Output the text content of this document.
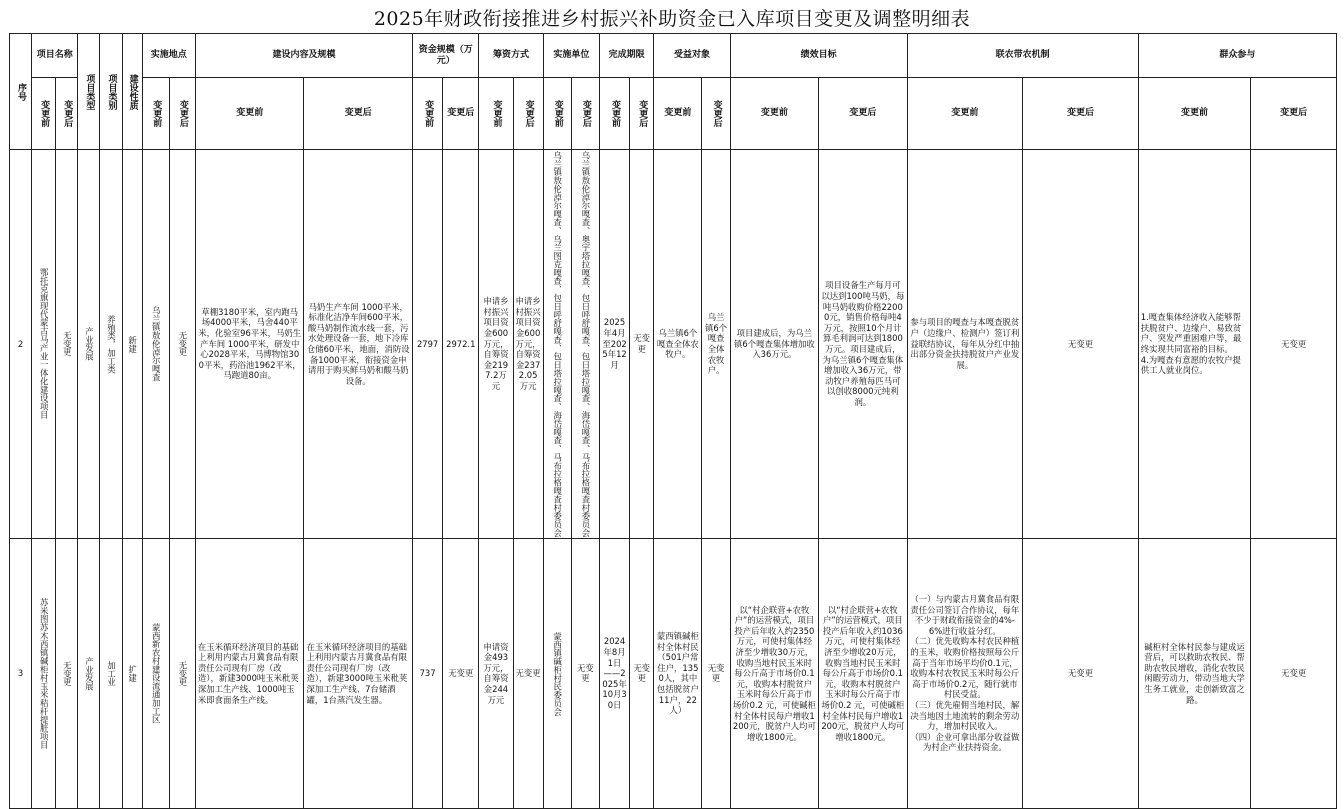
2025年财政衔接推进乡村振兴补助资金已入库项目变更及调整明细表
序号	项目名称		项目类型	项目类别	建设性质	实施地点		建设内容及规模		资金规模（万元）		筹资方式		实施单位		完成期限		受益对象		绩效目标		联农带农机制		群众参与	

	变更前	变更后				变更前	变更后	变更前	变更后	变更前	变更后	变更前	变更后	变更前	变更后	变更前	变更后	变更前	变更后	变更前	变更后	变更前	变更后	变更前	变更后
2	鄂托克旗现代蒙古马产业一体化建设项目	无变更	产业发展	养殖类，加工类	新建	乌兰镇敖伦淖尔嘎查	无变更	草棚3180平米，室内跑马场4000平米，马舍440平米，化验室96平米，马奶生产车间 1000平米，研发中心2028平米，马博物馆300平米，药浴池1962平米，马跑道80亩。	马奶生产车间 1000平米，标准化洁净车间600平米，酸马奶制作流水线一套，污水处理设备一套，地下冷库仓储60平米，地面，消防设备1000平米，衔接资金申请用于购买鲜马奶和酸马奶设备。	2797	2972.1	申请乡村振兴项目资金600万元，自筹资金2197.2万元	申请乡村振兴项目资金600万元，自筹资金2372.05万元	乌兰镇敖伦淖尔嘎查、乌兰图克嘎查、包日呼舒嘎查、包日塔拉嘎查、海岱嘎查、马布拉格嘎查村委员会	乌兰镇敖伦淖尔嘎查、奥宇塔拉嘎查、包日呼舒嘎查、包日塔拉嘎查、海岱嘎查、马布拉格嘎查村委员会	2025年4月至2025年12月	无变更	乌兰镇6个嘎查全体农牧户。	乌兰镇6个嘎查全体农牧户。	项目建成后，为乌兰镇6个嘎查集体增加收入36万元。	项目设备生产每月可以达到100吨马奶，每吨马奶收购价格22000元，销售价格每吨4万元，按照10个月计算毛利润可达到1800万元。项目建成后，为乌兰镇6个嘎查集体增加收入36万元，带动牧户养殖每匹马可以创收8000元纯利润。	参与项目的嘎查与本嘎查脱贫户（边缘户、检测户）签订利益联结协议，每年从分红中抽出部分资金扶持脱贫户产业发展。	无变更	1.嘎查集体经济收入能够帮扶脱贫户、边缘户、易致贫户、突发严重困难户等，最终实现共同富裕的目标。
4.为嘎查有意愿的农牧户提供工人就业岗位。	无变更
3	苏米图苏木西镇碱柜村玉米秸秆提脏项目	无变更	产业发展	加工业	扩建	蒙西新农村建设流通加工区	无变更	在玉米循环经济项目的基础上利用内蒙古月冀食品有限责任公司现有厂房（改造），新建3000吨玉米秕荚深加工生产线、1000吨玉米即食面条生产线。	在玉米循环经济项目的基础上利用内蒙古月冀食品有限责任公司现有厂房（改造），新建3000吨玉米秕荚深加工生产线、7台储酒罐，1台蒸汽发生器。	737	无变更	申请资金493万元，自筹资金244万元	无变更	蒙西镇碱柜村民委员会	无变更	2024年8月1日——2025年10月30日	无变更	蒙西镇碱柜村全体村民（501户常住户，1350人，其中包括脱贫户11户，22人）	无变更	以“村企联营+农牧户”的运营模式，项目投产后年收入约2350万元，可使村集体经济至少增收30万元，收购当地村民玉米时每公斤高于市场价0.1元，收购本村脱贫户玉米时每公斤高于市场价0.2 元，可使碱柜村全体村民每户增收1200元，脱贫户人均可增收1800元。	以“村企联营+农牧户”的运营模式，项目投产后年收入约1036万元，可使村集体经济至少增收20万元，收购当地村民玉米时每公斤高于市场价0.1元，收购本村脱贫户玉米时每公斤高于市场价0.2 元，可使碱柜村全体村民每户增收1200元，脱贫户人均可增收1800元。	（一）与内蒙古月冀食品有限责任公司签订合作协议，每年不少于财政衔接资金的4%-6%进行收益分红。
（二）优先收购本村农民种植的玉米，收购价格按照每公斤高于当年市场平均价0.1元，收购本村农牧民玉米时每公斤高于市场价0.2元，随行就市村民受益。
（三）优先雇佣当地村民，解决当地因土地流转的剩余劳动力，增加村民收入。
（四）企业可拿出部分收益做为村企产业扶持资金。	无变更	碱柜村全体村民参与建成运营后，可以救助农牧民、帮助农牧民增收，消化农牧民闲暇劳动力，带动当地大学生务工就业，走创新致富之路。	无变更
